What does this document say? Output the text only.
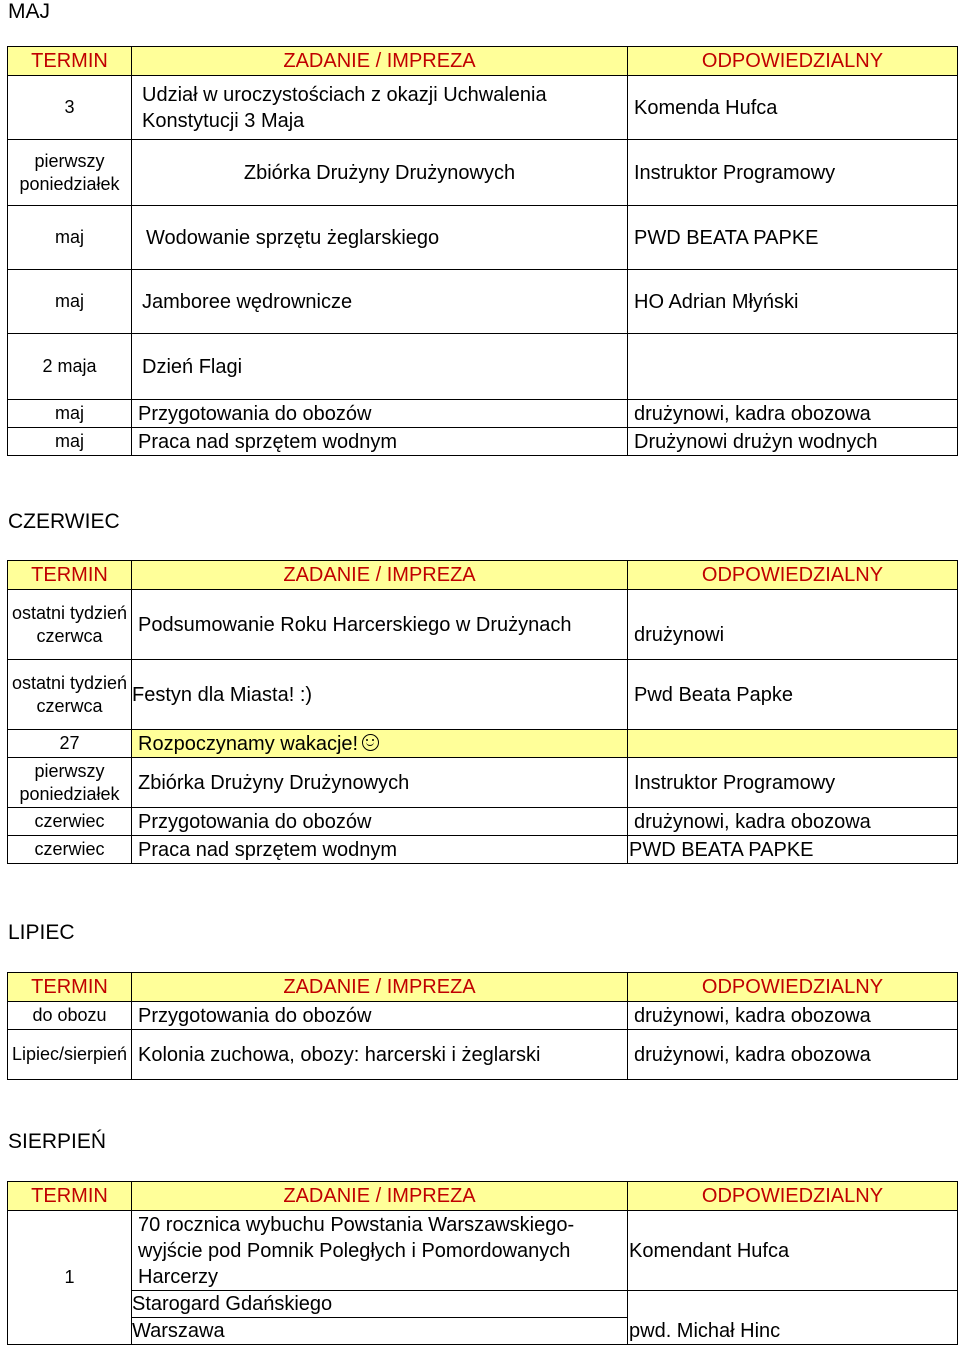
MAJ
TERMIN	ZADANIE / IMPREZA	ODPOWIEDZIALNY
3	Udział w uroczystościach z okazji Uchwalenia Konstytucji 3 Maja	Komenda Hufca
pierwszy poniedziałek	Zbiórka Drużyny Drużynowych	Instruktor Programowy
maj	Wodowanie sprzętu żeglarskiego	PWD BEATA PAPKE
maj	Jamboree wędrownicze	HO Adrian Młyński
2 maja	Dzień Flagi	
maj	Przygotowania do obozów	drużynowi, kadra obozowa
maj	Praca nad sprzętem wodnym	Drużynowi drużyn wodnych
CZERWIEC
TERMIN	ZADANIE / IMPREZA	ODPOWIEDZIALNY
ostatni tydzień czerwca	Podsumowanie Roku Harcerskiego w Drużynach	drużynowi
ostatni tydzień czerwca	Festyn dla Miasta! :)	Pwd Beata Papke
27	Rozpoczynamy wakacje!	
pierwszy poniedziałek	Zbiórka Drużyny Drużynowych	Instruktor Programowy
czerwiec	Przygotowania do obozów	drużynowi, kadra obozowa
czerwiec	Praca nad sprzętem wodnym	PWD BEATA PAPKE
LIPIEC
TERMIN	ZADANIE / IMPREZA	ODPOWIEDZIALNY
do obozu	Przygotowania do obozów	drużynowi, kadra obozowa
Lipiec/sierpień	Kolonia zuchowa, obozy: harcerski i żeglarski	drużynowi, kadra obozowa
SIERPIEŃ
TERMIN	ZADANIE / IMPREZA	ODPOWIEDZIALNY
1	70 rocznica wybuchu Powstania Warszawskiego- wyjście pod Pomnik Poległych i Pomordowanych Harcerzy	Komendant Hufca
	Starogard Gdańskiego	pwd. Michał Hinc
	Warszawa	
